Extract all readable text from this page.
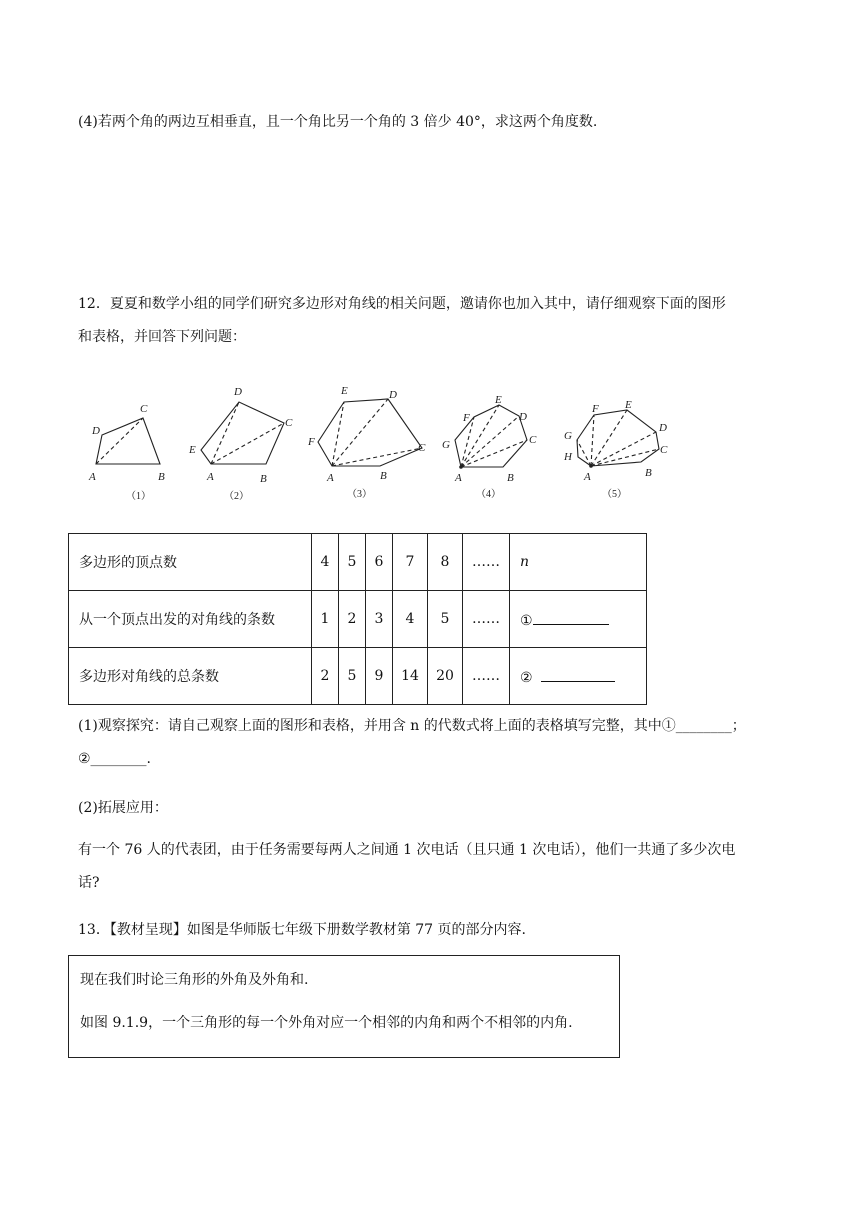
(4)若两个角的两边互相垂直，且一个角比另一个角的 3 倍少 40°，求这两个角度数.
12．夏夏和数学小组的同学们研究多边形对角线的相关问题，邀请你也加入其中，请仔细观察下面的图形
和表格，并回答下列问题：
A	B
C
D
（1）
A	B
C
D
E
（2）
A	B
C
D
E
F
（3）
A	B
C
D
E
F
G
（4）
A	B
C
D
E
F
G
H
（5）
多边形的顶点数	4	5	6	7	8	……	n
从一个顶点出发的对角线的条数	1	2	3	4	5	……	①
多边形对角线的总条数	2	5	9	14	20	……	②
(1)观察探究：请自己观察上面的图形和表格，并用含 n 的代数式将上面的表格填写完整，其中①________；
②________.
(2)拓展应用：
有一个 76 人的代表团，由于任务需要每两人之间通 1 次电话（且只通 1 次电话），他们一共通了多少次电
话?
13．【教材呈现】如图是华师版七年级下册数学教材第 77 页的部分内容.
现在我们时论三角形的外角及外角和.
如图 9.1.9，一个三角形的每一个外角对应一个相邻的内角和两个不相邻的内角.
